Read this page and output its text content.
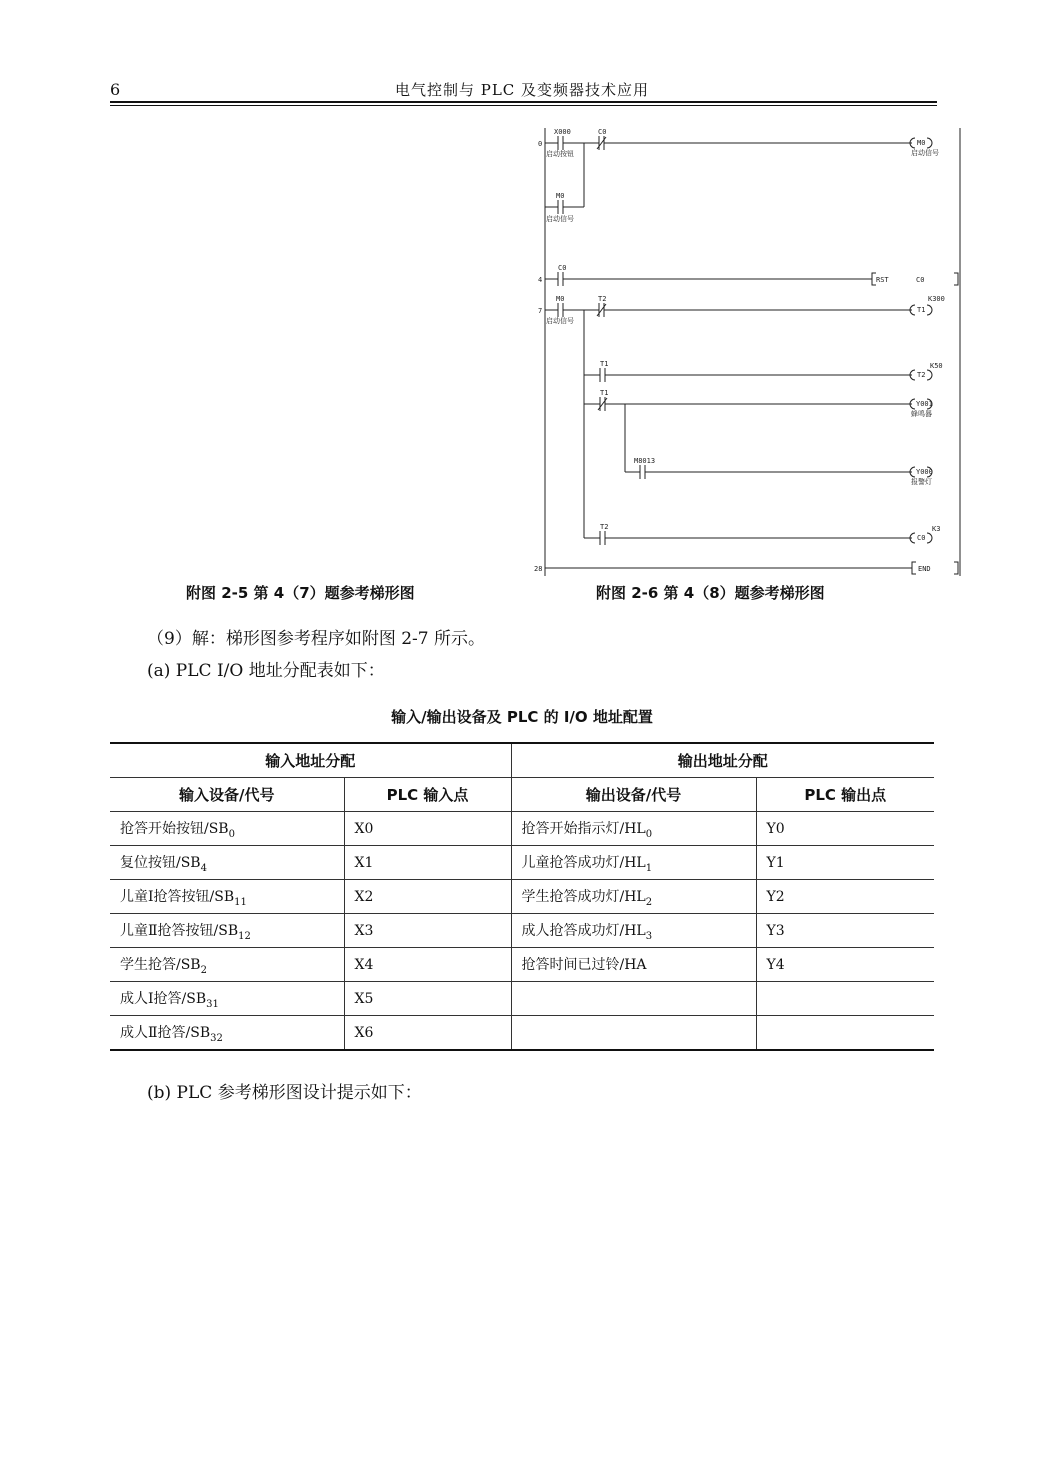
6	电气控制与 PLC 及变频器技术应用
0
4
7
28
X000
启动按钮
C0
M0
启动信号
C0
M0
启动信号
T2
T1
T1
M8013
T2
M0
启动信号
RST	C0
K300
T1
K50
T2
Y001
蜂鸣器
Y000
报警灯
K3
C0
END
附图 2-5 第 4（7）题参考梯形图	附图 2-6 第 4（8）题参考梯形图
（9）解：梯形图参考程序如附图 2-7 所示。
(a) PLC I/O 地址分配表如下：
输入/输出设备及 PLC 的 I/O 地址配置
输入地址分配		输出地址分配	
输入设备/代号	PLC 输入点	输出设备/代号	PLC 输出点
抢答开始按钮$/SB_0$	X0	抢答开始指示灯$/HL_0$	Y0
复位按钮$/SB_4$	X1	儿童抢答成功灯$/HL_1$	Y1
儿童Ⅰ抢答按钮$/SB_{11}$	X2	学生抢答成功灯$/HL_2$	Y2
儿童Ⅱ抢答按钮$/SB_{12}$	X3	成人抢答成功灯$/HL_3$	Y3
学生抢答$/SB_2$	X4	抢答时间已过铃/HA	Y4
成人Ⅰ抢答$/SB_{31}$	X5		
成人Ⅱ抢答$/SB_{32}$	X6		
(b) PLC 参考梯形图设计提示如下：
